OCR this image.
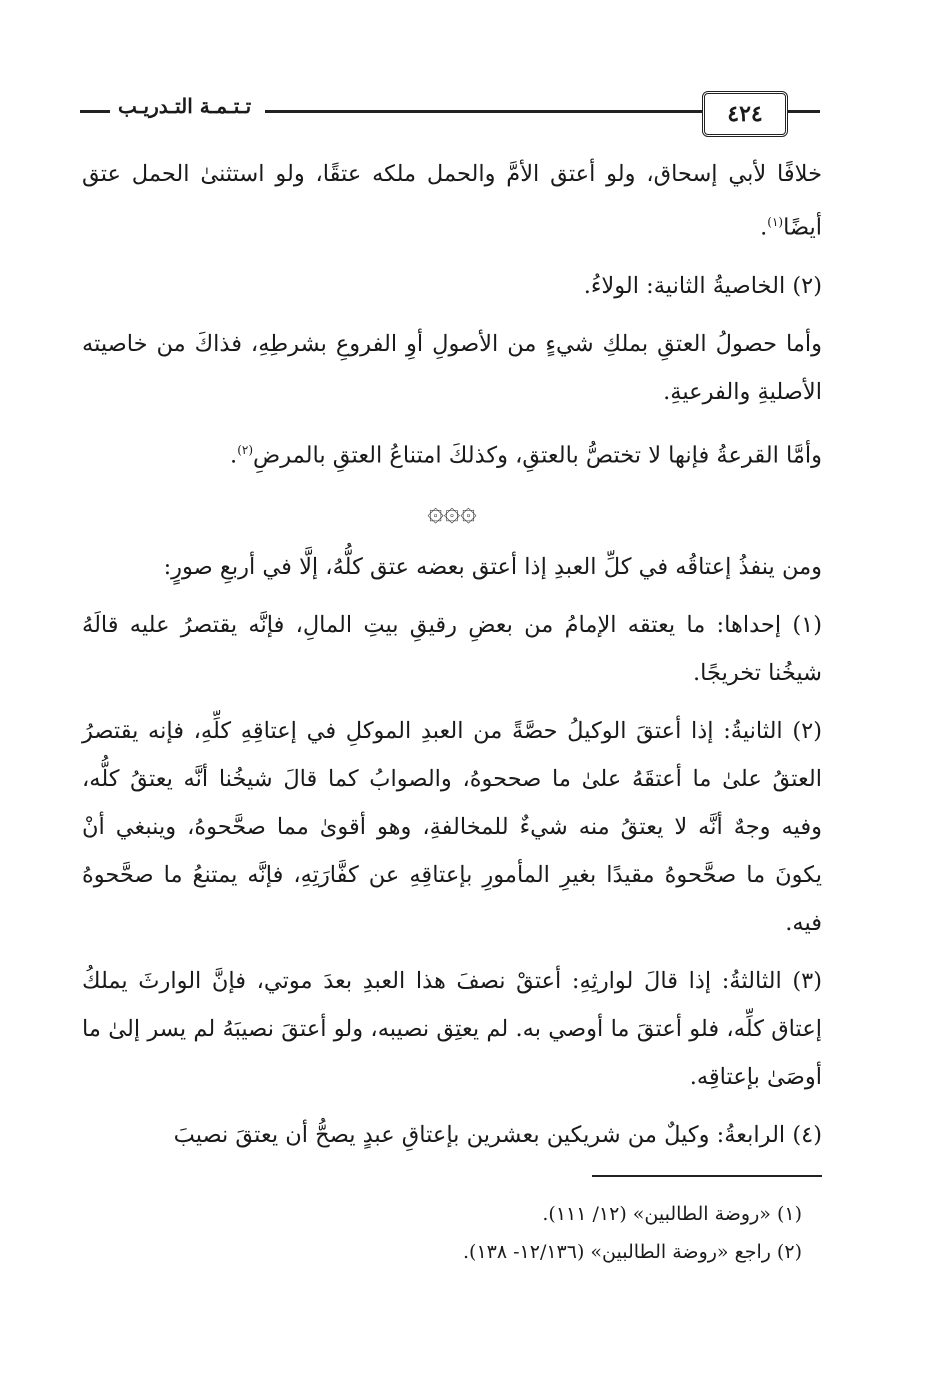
تـتـمـة التـدريـب	٤٢٤

خلافًا لأبي إسحاق، ولو أعتق الأمَّ والحمل ملكه عتقًا، ولو استثنىٰ الحمل عتق أيضًا$^{(١)}$.

(٢) الخاصيةُ الثانية: الولاءُ.

وأما حصولُ العتقِ بملكِ شيءٍ من الأصولِ أوِ الفروعِ بشرطِهِ، فذاكَ من خاصيته الأصليةِ والفرعيةِ.

وأمَّا القرعةُ فإنها لا تختصُّ بالعتقِ، وكذلكَ امتناعُ العتقِ بالمرضِ$^{(٢)}$.

۞۞۞

ومن ينفذُ إعتاقُه في كلِّ العبدِ إذا أعتق بعضه عتق كلُّهُ، إلَّا في أربعِ صورٍ:

(١) إحداها: ما يعتقه الإمامُ من بعضِ رقيقِ بيتِ المالِ، فإنَّه يقتصرُ عليه قالَهُ شيخُنا تخريجًا.

(٢) الثانيةُ: إذا أعتقَ الوكيلُ حصَّةً من العبدِ الموكلِ في إعتاقِهِ كلِّهِ، فإنه يقتصرُ العتقُ علىٰ ما أعتقَهُ علىٰ ما صححوهُ، والصوابُ كما قالَ شيخُنا أنَّه يعتقُ كلُّه، وفيه وجهٌ أنَّه لا يعتقُ منه شيءٌ للمخالفةِ، وهو أقوىٰ مما صحَّحوهُ، وينبغي أنْ يكونَ ما صحَّحوهُ مقيدًا بغيرِ المأمورِ بإعتاقِهِ عن كفَّارَتِهِ، فإنَّه يمتنعُ ما صحَّحوهُ فيه.

(٣) الثالثةُ: إذا قالَ لوارثِهِ: أعتقْ نصفَ هذا العبدِ بعدَ موتي، فإنَّ الوارثَ يملكُ إعتاق كلِّه، فلو أعتقَ ما أوصي به. لم يعتِق نصيبه، ولو أعتقَ نصيبَهُ لم يسر إلىٰ ما أوصَىٰ بإعتاقِه.

(٤) الرابعةُ: وكيلٌ من شريكين بعشرين بإعتاقِ عبدٍ يصحُّ أن يعتقَ نصيبَ

(١) «روضة الطالبين» (١٢/ ١١١).
(٢) راجع «روضة الطالبين» (١٢/١٣٦- ١٣٨).
